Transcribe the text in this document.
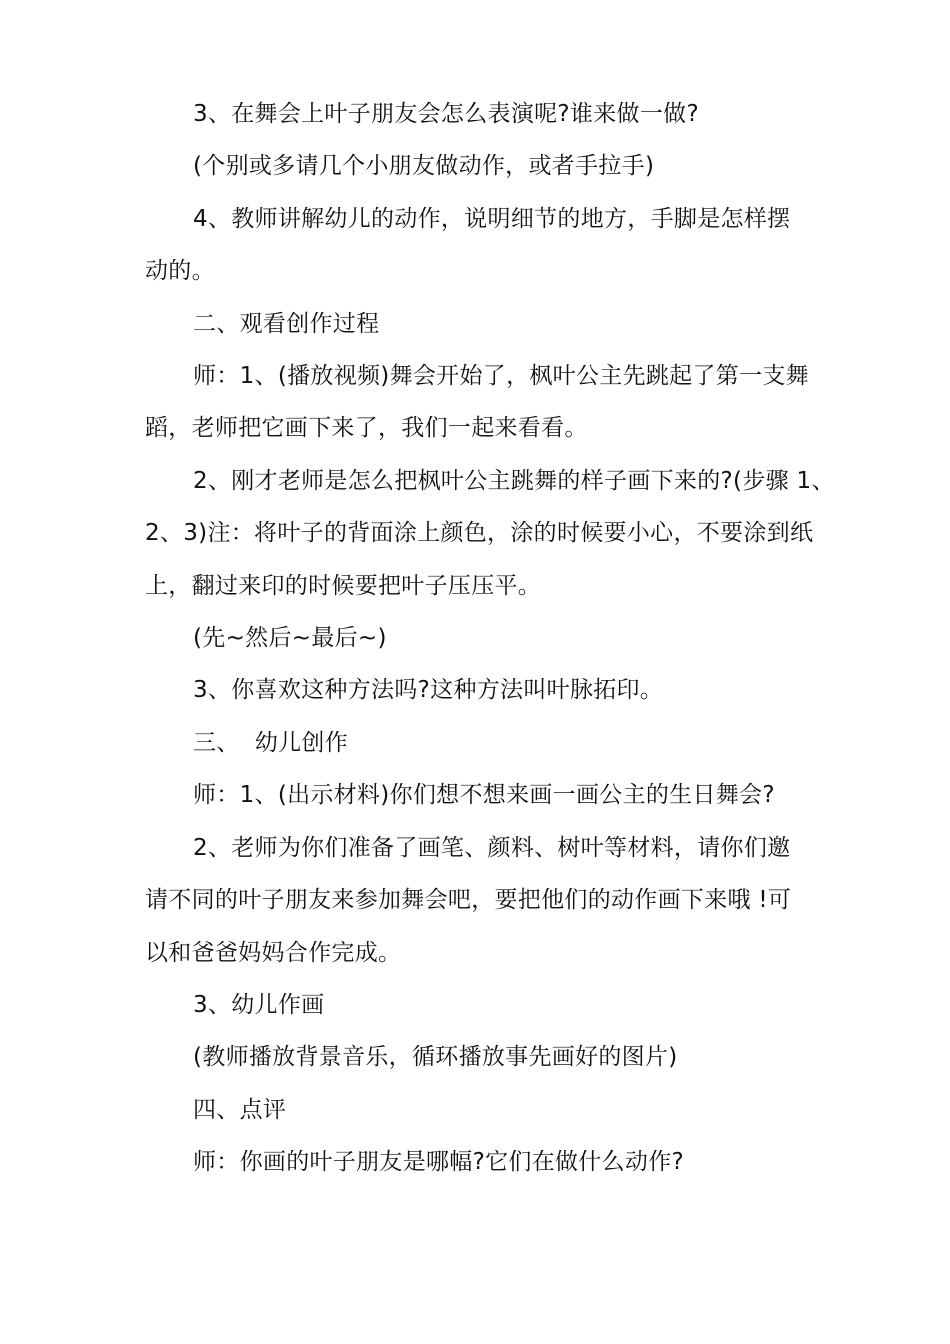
3、在舞会上叶子朋友会怎么表演呢?谁来做一做?

(个别或多请几个小朋友做动作，或者手拉手)

4、教师讲解幼儿的动作，说明细节的地方，手脚是怎样摆

动的。

二、观看创作过程

师：1、(播放视频)舞会开始了，枫叶公主先跳起了第一支舞

蹈，老师把它画下来了，我们一起来看看。

2、刚才老师是怎么把枫叶公主跳舞的样子画下来的?(步骤 1、

2、3)注：将叶子的背面涂上颜色，涂的时候要小心，不要涂到纸

上，翻过来印的时候要把叶子压压平。

(先~然后~最后~)

3、你喜欢这种方法吗?这种方法叫叶脉拓印。

三、  幼儿创作

师：1、(出示材料)你们想不想来画一画公主的生日舞会?

2、老师为你们准备了画笔、颜料、树叶等材料，请你们邀

请不同的叶子朋友来参加舞会吧，要把他们的动作画下来哦 !可

以和爸爸妈妈合作完成。

3、幼儿作画

(教师播放背景音乐，循环播放事先画好的图片)

四、点评

师：你画的叶子朋友是哪幅?它们在做什么动作?
